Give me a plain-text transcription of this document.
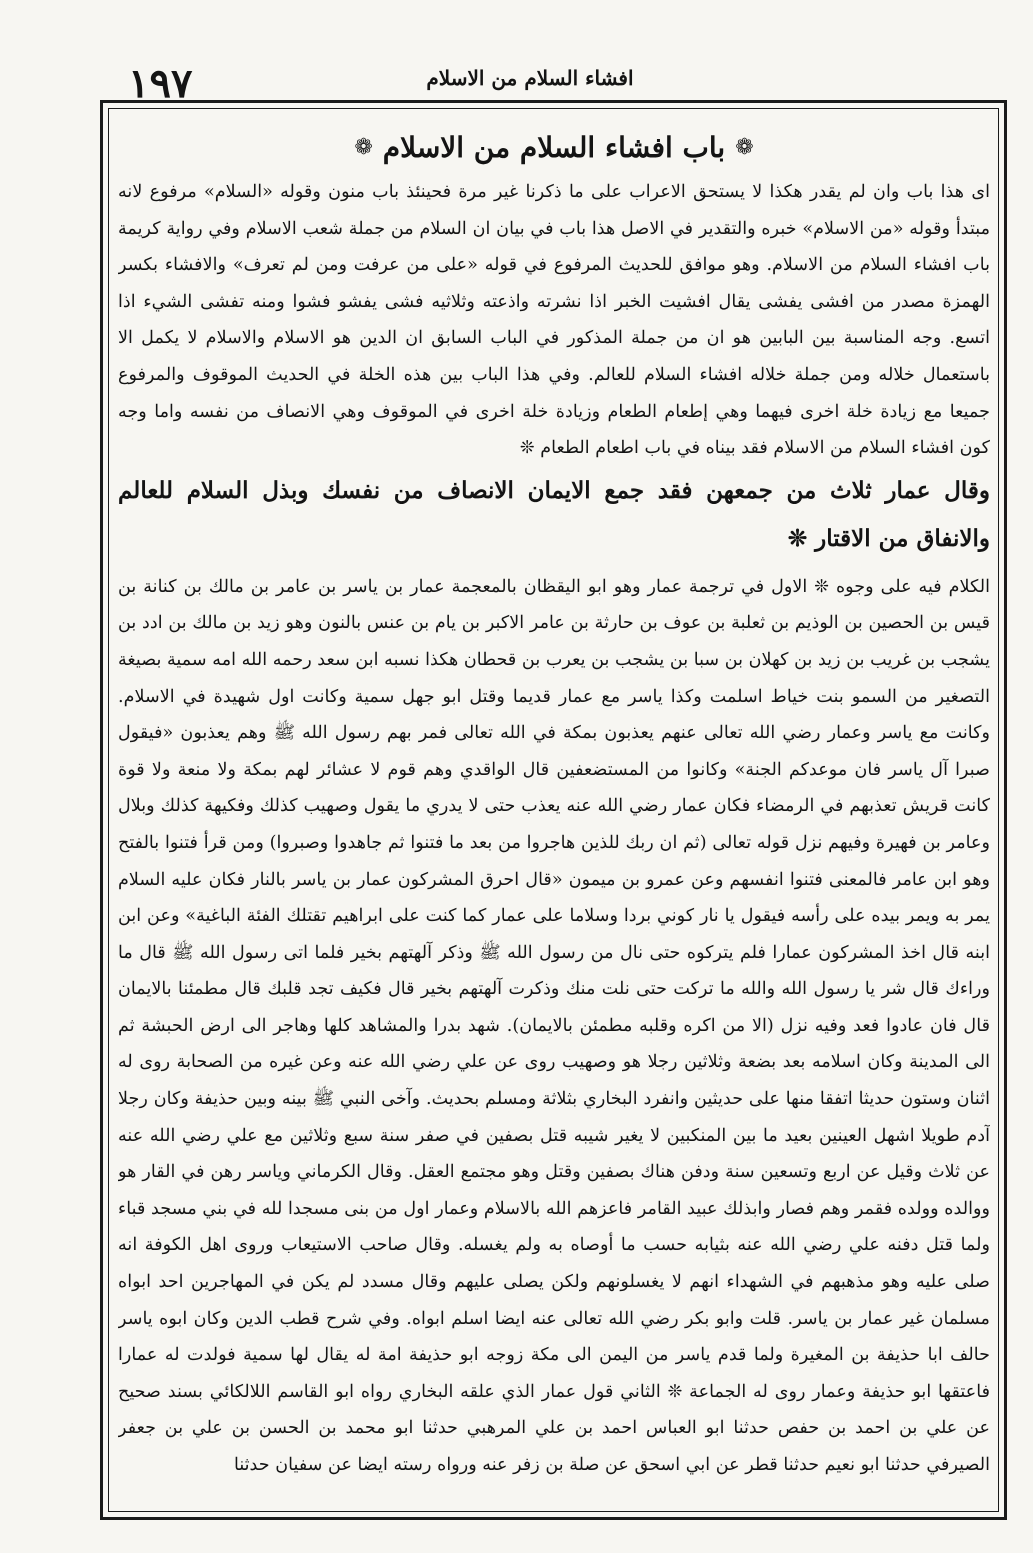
١٩٧	افشاء السلام من الاسلام
❁
باب افشاء السلام من الاسلام
❁

اى هذا باب وان لم يقدر هكذا لا يستحق الاعراب على ما ذكرنا غير مرة فحينئذ باب منون وقوله «السلام» مرفوع لانه مبتدأ وقوله «من الاسلام» خبره والتقدير في الاصل هذا باب في بيان ان السلام من جملة شعب الاسلام وفي رواية كريمة باب افشاء السلام من الاسلام. وهو موافق للحديث المرفوع في قوله «على من عرفت ومن لم تعرف» والافشاء بكسر الهمزة مصدر من افشى يفشى يقال افشيت الخبر اذا نشرته واذعته وثلاثيه فشى يفشو فشوا ومنه تفشى الشيء اذا اتسع. وجه المناسبة بين البابين هو ان من جملة المذكور في الباب السابق ان الدين هو الاسلام والاسلام لا يكمل الا باستعمال خلاله ومن جملة خلاله افشاء السلام للعالم. وفي هذا الباب بين هذه الخلة في الحديث الموقوف والمرفوع جميعا مع زيادة خلة اخرى فيهما وهي إطعام الطعام وزيادة خلة اخرى في الموقوف وهي الانصاف من نفسه واما وجه كون افشاء السلام من الاسلام فقد بيناه في باب اطعام الطعام ❊

وقال عمار ثلاث من جمعهن فقد جمع الايمان الانصاف من نفسك وبذل السلام للعالم والانفاق من الاقتار ❊

الكلام فيه على وجوه ❊ الاول في ترجمة عمار وهو ابو اليقظان بالمعجمة عمار بن ياسر بن عامر بن مالك بن كنانة بن قيس بن الحصين بن الوذيم بن ثعلبة بن عوف بن حارثة بن عامر الاكبر بن يام بن عنس بالنون وهو زيد بن مالك بن ادد بن يشجب بن غريب بن زيد بن كهلان بن سبا بن يشجب بن يعرب بن قحطان هكذا نسبه ابن سعد رحمه الله امه سمية بصيغة التصغير من السمو بنت خياط اسلمت وكذا ياسر مع عمار قديما وقتل ابو جهل سمية وكانت اول شهيدة في الاسلام. وكانت مع ياسر وعمار رضي الله تعالى عنهم يعذبون بمكة في الله تعالى فمر بهم رسول الله ﷺ وهم يعذبون «فيقول صبرا آل ياسر فان موعدكم الجنة» وكانوا من المستضعفين قال الواقدي وهم قوم لا عشائر لهم بمكة ولا منعة ولا قوة كانت قريش تعذبهم في الرمضاء فكان عمار رضي الله عنه يعذب حتى لا يدري ما يقول وصهيب كذلك وفكيهة كذلك وبلال وعامر بن فهيرة وفيهم نزل قوله تعالى (ثم ان ربك للذين هاجروا من بعد ما فتنوا ثم جاهدوا وصبروا) ومن قرأ فتنوا بالفتح وهو ابن عامر فالمعنى فتنوا انفسهم وعن عمرو بن ميمون «قال احرق المشركون عمار بن ياسر بالنار فكان عليه السلام يمر به ويمر بيده على رأسه فيقول يا نار كوني بردا وسلاما على عمار كما كنت على ابراهيم تقتلك الفئة الباغية» وعن ابن ابنه قال اخذ المشركون عمارا فلم يتركوه حتى نال من رسول الله ﷺ وذكر آلهتهم بخير فلما اتى رسول الله ﷺ قال ما وراءك قال شر يا رسول الله والله ما تركت حتى نلت منك وذكرت آلهتهم بخير قال فكيف تجد قلبك قال مطمئنا بالايمان قال فان عادوا فعد وفيه نزل (الا من اكره وقلبه مطمئن بالايمان). شهد بدرا والمشاهد كلها وهاجر الى ارض الحبشة ثم الى المدينة وكان اسلامه بعد بضعة وثلاثين رجلا هو وصهيب روى عن علي رضي الله عنه وعن غيره من الصحابة روى له اثنان وستون حديثا اتفقا منها على حديثين وانفرد البخاري بثلاثة ومسلم بحديث. وآخى النبي ﷺ بينه وبين حذيفة وكان رجلا آدم طويلا اشهل العينين بعيد ما بين المنكبين لا يغير شيبه قتل بصفين في صفر سنة سبع وثلاثين مع علي رضي الله عنه عن ثلاث وقيل عن اربع وتسعين سنة ودفن هناك بصفين وقتل وهو مجتمع العقل. وقال الكرماني وياسر رهن في القار هو ووالده وولده فقمر وهم فصار وابذلك عبيد القامر فاعزهم الله بالاسلام وعمار اول من بنى مسجدا لله في بني مسجد قباء ولما قتل دفنه علي رضي الله عنه بثيابه حسب ما أوصاه به ولم يغسله. وقال صاحب الاستيعاب وروى اهل الكوفة انه صلى عليه وهو مذهبهم في الشهداء انهم لا يغسلونهم ولكن يصلى عليهم وقال مسدد لم يكن في المهاجرين احد ابواه مسلمان غير عمار بن ياسر. قلت وابو بكر رضي الله تعالى عنه ايضا اسلم ابواه. وفي شرح قطب الدين وكان ابوه ياسر حالف ابا حذيفة بن المغيرة ولما قدم ياسر من اليمن الى مكة زوجه ابو حذيفة امة له يقال لها سمية فولدت له عمارا فاعتقها ابو حذيفة وعمار روى له الجماعة ❊ الثاني قول عمار الذي علقه البخاري رواه ابو القاسم اللالكائي بسند صحيح عن علي بن احمد بن حفص حدثنا ابو العباس احمد بن علي المرهبي حدثنا ابو محمد بن الحسن بن علي بن جعفر الصيرفي حدثنا ابو نعيم حدثنا قطر عن ابي اسحق عن صلة بن زفر عنه ورواه رسته ايضا عن سفيان حدثنا
